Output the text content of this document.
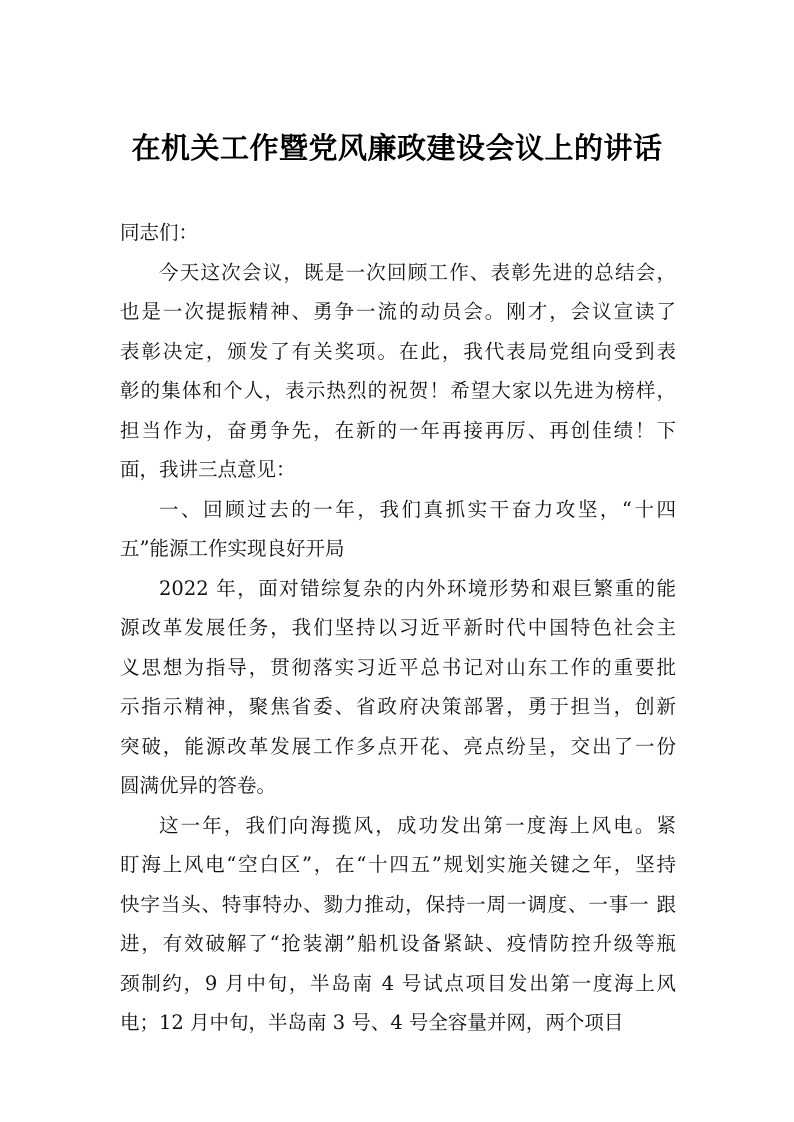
在机关工作暨党风廉政建设会议上的讲话
同志们：
今天这次会议，既是一次回顾工作、表彰先进的总结会，
也是一次提振精神、勇争一流的动员会。刚才，会议宣读了
表彰决定，颁发了有关奖项。在此，我代表局党组向受到表
彰的集体和个人，表示热烈的祝贺！希望大家以先进为榜样，
担当作为，奋勇争先，在新的一年再接再厉、再创佳绩！下
面，我讲三点意见：
一、回顾过去的一年，我们真抓实干奋力攻坚，“十四
五”能源工作实现良好开局
2022 年，面对错综复杂的内外环境形势和艰巨繁重的能
源改革发展任务，我们坚持以习近平新时代中国特色社会主
义思想为指导，贯彻落实习近平总书记对山东工作的重要批
示指示精神，聚焦省委、省政府决策部署，勇于担当，创新
突破，能源改革发展工作多点开花、亮点纷呈，交出了一份
圆满优异的答卷。
这一年，我们向海揽风，成功发出第一度海上风电。紧
盯海上风电“空白区”，在“十四五”规划实施关键之年，坚持
快字当头、特事特办、勠力推动，保持一周一调度、一事一 跟
进，有效破解了“抢装潮”船机设备紧缺、疫情防控升级等瓶
颈制约，9 月中旬，半岛南 4 号试点项目发出第一度海上风
电；12 月中旬，半岛南 3 号、4 号全容量并网，两个项目
